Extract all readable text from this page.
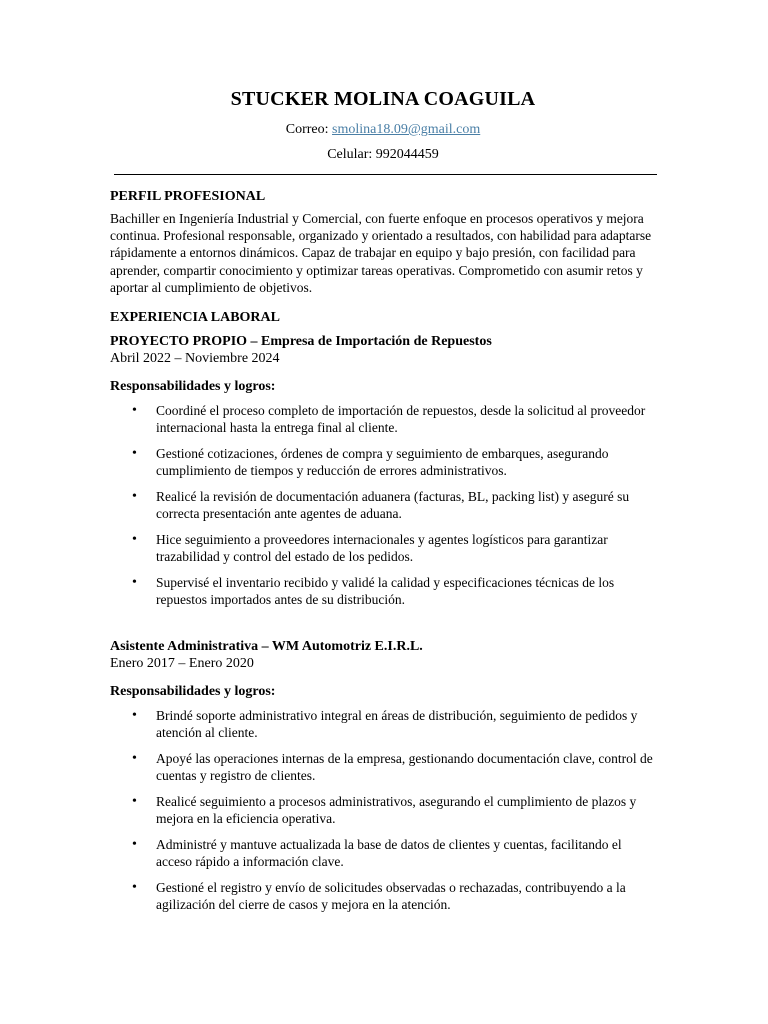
STUCKER MOLINA COAGUILA
Correo: smolina18.09@gmail.com
Celular: 992044459
PERFIL PROFESIONAL

Bachiller en Ingeniería Industrial y Comercial, con fuerte enfoque en procesos operativos y mejora continua. Profesional responsable, organizado y orientado a resultados, con habilidad para adaptarse rápidamente a entornos dinámicos. Capaz de trabajar en equipo y bajo presión, con facilidad para aprender, compartir conocimiento y optimizar tareas operativas. Comprometido con asumir retos y aportar al cumplimiento de objetivos.

EXPERIENCIA LABORAL
PROYECTO PROPIO – Empresa de Importación de Repuestos
Abril 2022 – Noviembre 2024
Responsabilidades y logros:
• Coordiné el proceso completo de importación de repuestos, desde la solicitud al proveedor internacional hasta la entrega final al cliente.
• Gestioné cotizaciones, órdenes de compra y seguimiento de embarques, asegurando cumplimiento de tiempos y reducción de errores administrativos.
• Realicé la revisión de documentación aduanera (facturas, BL, packing list) y aseguré su correcta presentación ante agentes de aduana.
• Hice seguimiento a proveedores internacionales y agentes logísticos para garantizar trazabilidad y control del estado de los pedidos.
• Supervisé el inventario recibido y validé la calidad y especificaciones técnicas de los repuestos importados antes de su distribución.
Asistente Administrativa – WM Automotriz E.I.R.L.
Enero 2017 – Enero 2020
Responsabilidades y logros:
• Brindé soporte administrativo integral en áreas de distribución, seguimiento de pedidos y atención al cliente.
• Apoyé las operaciones internas de la empresa, gestionando documentación clave, control de cuentas y registro de clientes.
• Realicé seguimiento a procesos administrativos, asegurando el cumplimiento de plazos y mejora en la eficiencia operativa.
• Administré y mantuve actualizada la base de datos de clientes y cuentas, facilitando el acceso rápido a información clave.
• Gestioné el registro y envío de solicitudes observadas o rechazadas, contribuyendo a la agilización del cierre de casos y mejora en la atención.
